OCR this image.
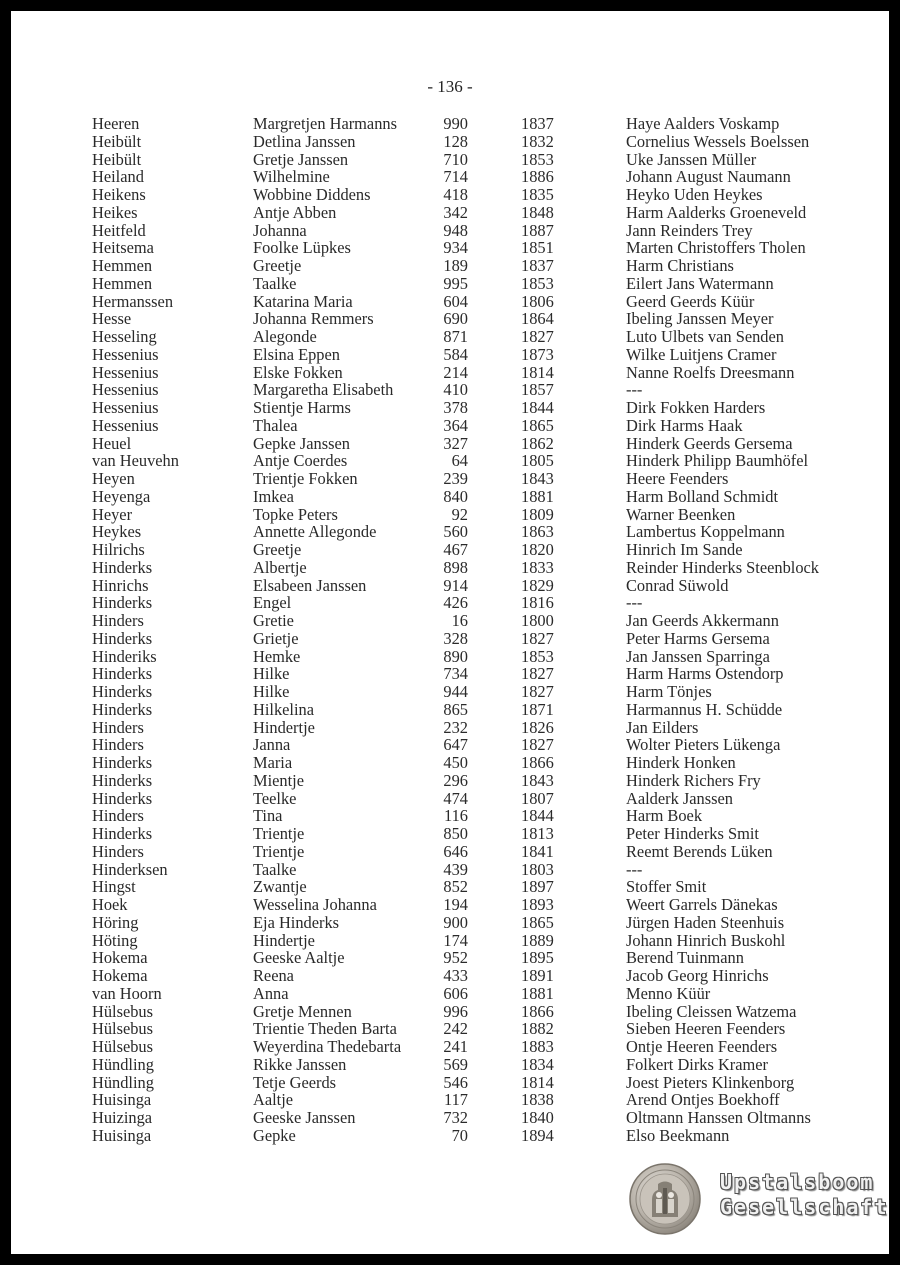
- 136 -
Heeren	Margretjen Harmanns	990	1837	Haye Aalders Voskamp
Heibült	Detlina Janssen	128	1832	Cornelius Wessels Boelssen
Heibült	Gretje Janssen	710	1853	Uke Janssen Müller
Heiland	Wilhelmine	714	1886	Johann August Naumann
Heikens	Wobbine Diddens	418	1835	Heyko Uden Heykes
Heikes	Antje Abben	342	1848	Harm Aalderks Groeneveld
Heitfeld	Johanna	948	1887	Jann Reinders Trey
Heitsema	Foolke Lüpkes	934	1851	Marten Christoffers Tholen
Hemmen	Greetje	189	1837	Harm Christians
Hemmen	Taalke	995	1853	Eilert Jans Watermann
Hermanssen	Katarina Maria	604	1806	Geerd Geerds Küür
Hesse	Johanna Remmers	690	1864	Ibeling Janssen Meyer
Hesseling	Alegonde	871	1827	Luto Ulbets van Senden
Hessenius	Elsina Eppen	584	1873	Wilke Luitjens Cramer
Hessenius	Elske Fokken	214	1814	Nanne Roelfs Dreesmann
Hessenius	Margaretha Elisabeth	410	1857	---
Hessenius	Stientje Harms	378	1844	Dirk Fokken Harders
Hessenius	Thalea	364	1865	Dirk Harms Haak
Heuel	Gepke Janssen	327	1862	Hinderk Geerds Gersema
van Heuvehn	Antje Coerdes	64	1805	Hinderk Philipp Baumhöfel
Heyen	Trientje Fokken	239	1843	Heere Feenders
Heyenga	Imkea	840	1881	Harm Bolland Schmidt
Heyer	Topke Peters	92	1809	Warner Beenken
Heykes	Annette Allegonde	560	1863	Lambertus Koppelmann
Hilrichs	Greetje	467	1820	Hinrich Im Sande
Hinderks	Albertje	898	1833	Reinder Hinderks Steenblock
Hinrichs	Elsabeen Janssen	914	1829	Conrad Süwold
Hinderks	Engel	426	1816	---
Hinders	Gretie	16	1800	Jan Geerds Akkermann
Hinderks	Grietje	328	1827	Peter Harms Gersema
Hinderiks	Hemke	890	1853	Jan Janssen Sparringa
Hinderks	Hilke	734	1827	Harm Harms Ostendorp
Hinderks	Hilke	944	1827	Harm Tönjes
Hinderks	Hilkelina	865	1871	Harmannus H. Schüdde
Hinders	Hindertje	232	1826	Jan Eilders
Hinders	Janna	647	1827	Wolter Pieters Lükenga
Hinderks	Maria	450	1866	Hinderk Honken
Hinderks	Mientje	296	1843	Hinderk Richers Fry
Hinderks	Teelke	474	1807	Aalderk Janssen
Hinders	Tina	116	1844	Harm Boek
Hinderks	Trientje	850	1813	Peter Hinderks Smit
Hinders	Trientje	646	1841	Reemt Berends Lüken
Hinderksen	Taalke	439	1803	---
Hingst	Zwantje	852	1897	Stoffer Smit
Hoek	Wesselina Johanna	194	1893	Weert Garrels Dänekas
Höring	Eja Hinderks	900	1865	Jürgen Haden Steenhuis
Höting	Hindertje	174	1889	Johann Hinrich Buskohl
Hokema	Geeske Aaltje	952	1895	Berend Tuinmann
Hokema	Reena	433	1891	Jacob Georg Hinrichs
van Hoorn	Anna	606	1881	Menno Küür
Hülsebus	Gretje Mennen	996	1866	Ibeling Cleissen Watzema
Hülsebus	Trientie Theden Barta	242	1882	Sieben Heeren Feenders
Hülsebus	Weyerdina Thedebarta	241	1883	Ontje Heeren Feenders
Hündling	Rikke Janssen	569	1834	Folkert Dirks Kramer
Hündling	Tetje Geerds	546	1814	Joest Pieters Klinkenborg
Huisinga	Aaltje	117	1838	Arend Ontjes Boekhoff
Huizinga	Geeske Janssen	732	1840	Oltmann Hanssen Oltmanns
Huisinga	Gepke	70	1894	Elso Beekmann
Upstalsboom
Gesellschaft
